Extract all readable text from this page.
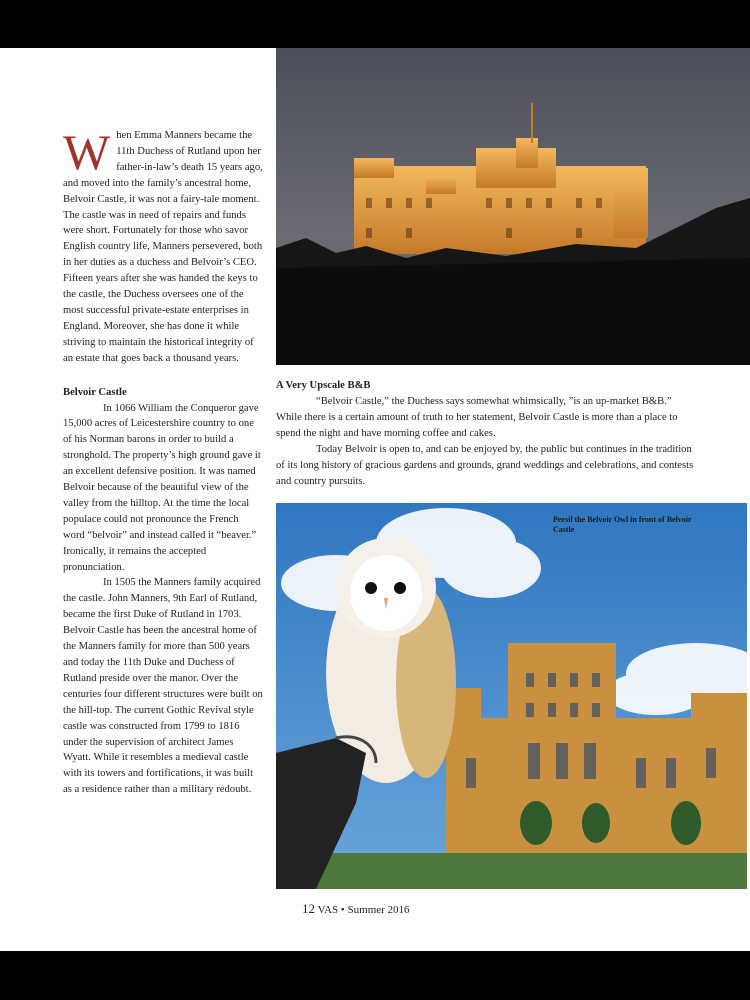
When Emma Manners became the 11th Duchess of Rutland upon her father-in-law’s death 15 years ago, and moved into the family’s ancestral home, Belvoir Castle, it was not a fairy-tale moment. The castle was in need of repairs and funds were short. Fortunately for those who savor English country life, Manners persevered, both in her duties as a duchess and Belvoir’s CEO. Fifteen years after she was handed the keys to the castle, the Duchess oversees one of the most successful private-estate enterprises in England. Moreover, she has done it while striving to maintain the historical integrity of an estate that goes back a thousand years.

Belvoir Castle

In 1066 William the Conqueror gave 15,000 acres of Leicestershire country to one of his Norman barons in order to build a stronghold. The property’s high ground gave it an excellent defensive position. It was named Belvoir because of the beautiful view of the valley from the hilltop. At the time the local populace could not pronounce the French word “belvoir” and instead called it “beaver.” Ironically, it remains the accepted pronunciation.

In 1505 the Manners family acquired the castle. John Manners, 9th Earl of Rutland, became the first Duke of Rutland in 1703. Belvoir Castle has been the ancestral home of the Manners family for more than 500 years and today the 11th Duke and Duchess of Rutland preside over the manor. Over the centuries four different structures were built on the hill-top. The current Gothic Revival style castle was constructed from 1799 to 1816 under the supervision of architect James Wyatt. While it resembles a medieval castle with its towers and fortifications, it was built as a residence rather than a military redoubt.

A Very Upscale B&B

“Belvoir Castle,” the Duchess says somewhat whimsically, ”is an up-market B&B.” While there is a certain amount of truth to her statement, Belvoir Castle is more than a place to spend the night and have morning coffee and cakes.

Today Belvoir is open to, and can be enjoyed by, the public but continues in the tradition of its long history of gracious gardens and grounds, grand weddings and celebrations, and contests and country pursuits.

Persil the Belvoir Owl in front of Belvoir Castle
12 VAS • Summer 2016
